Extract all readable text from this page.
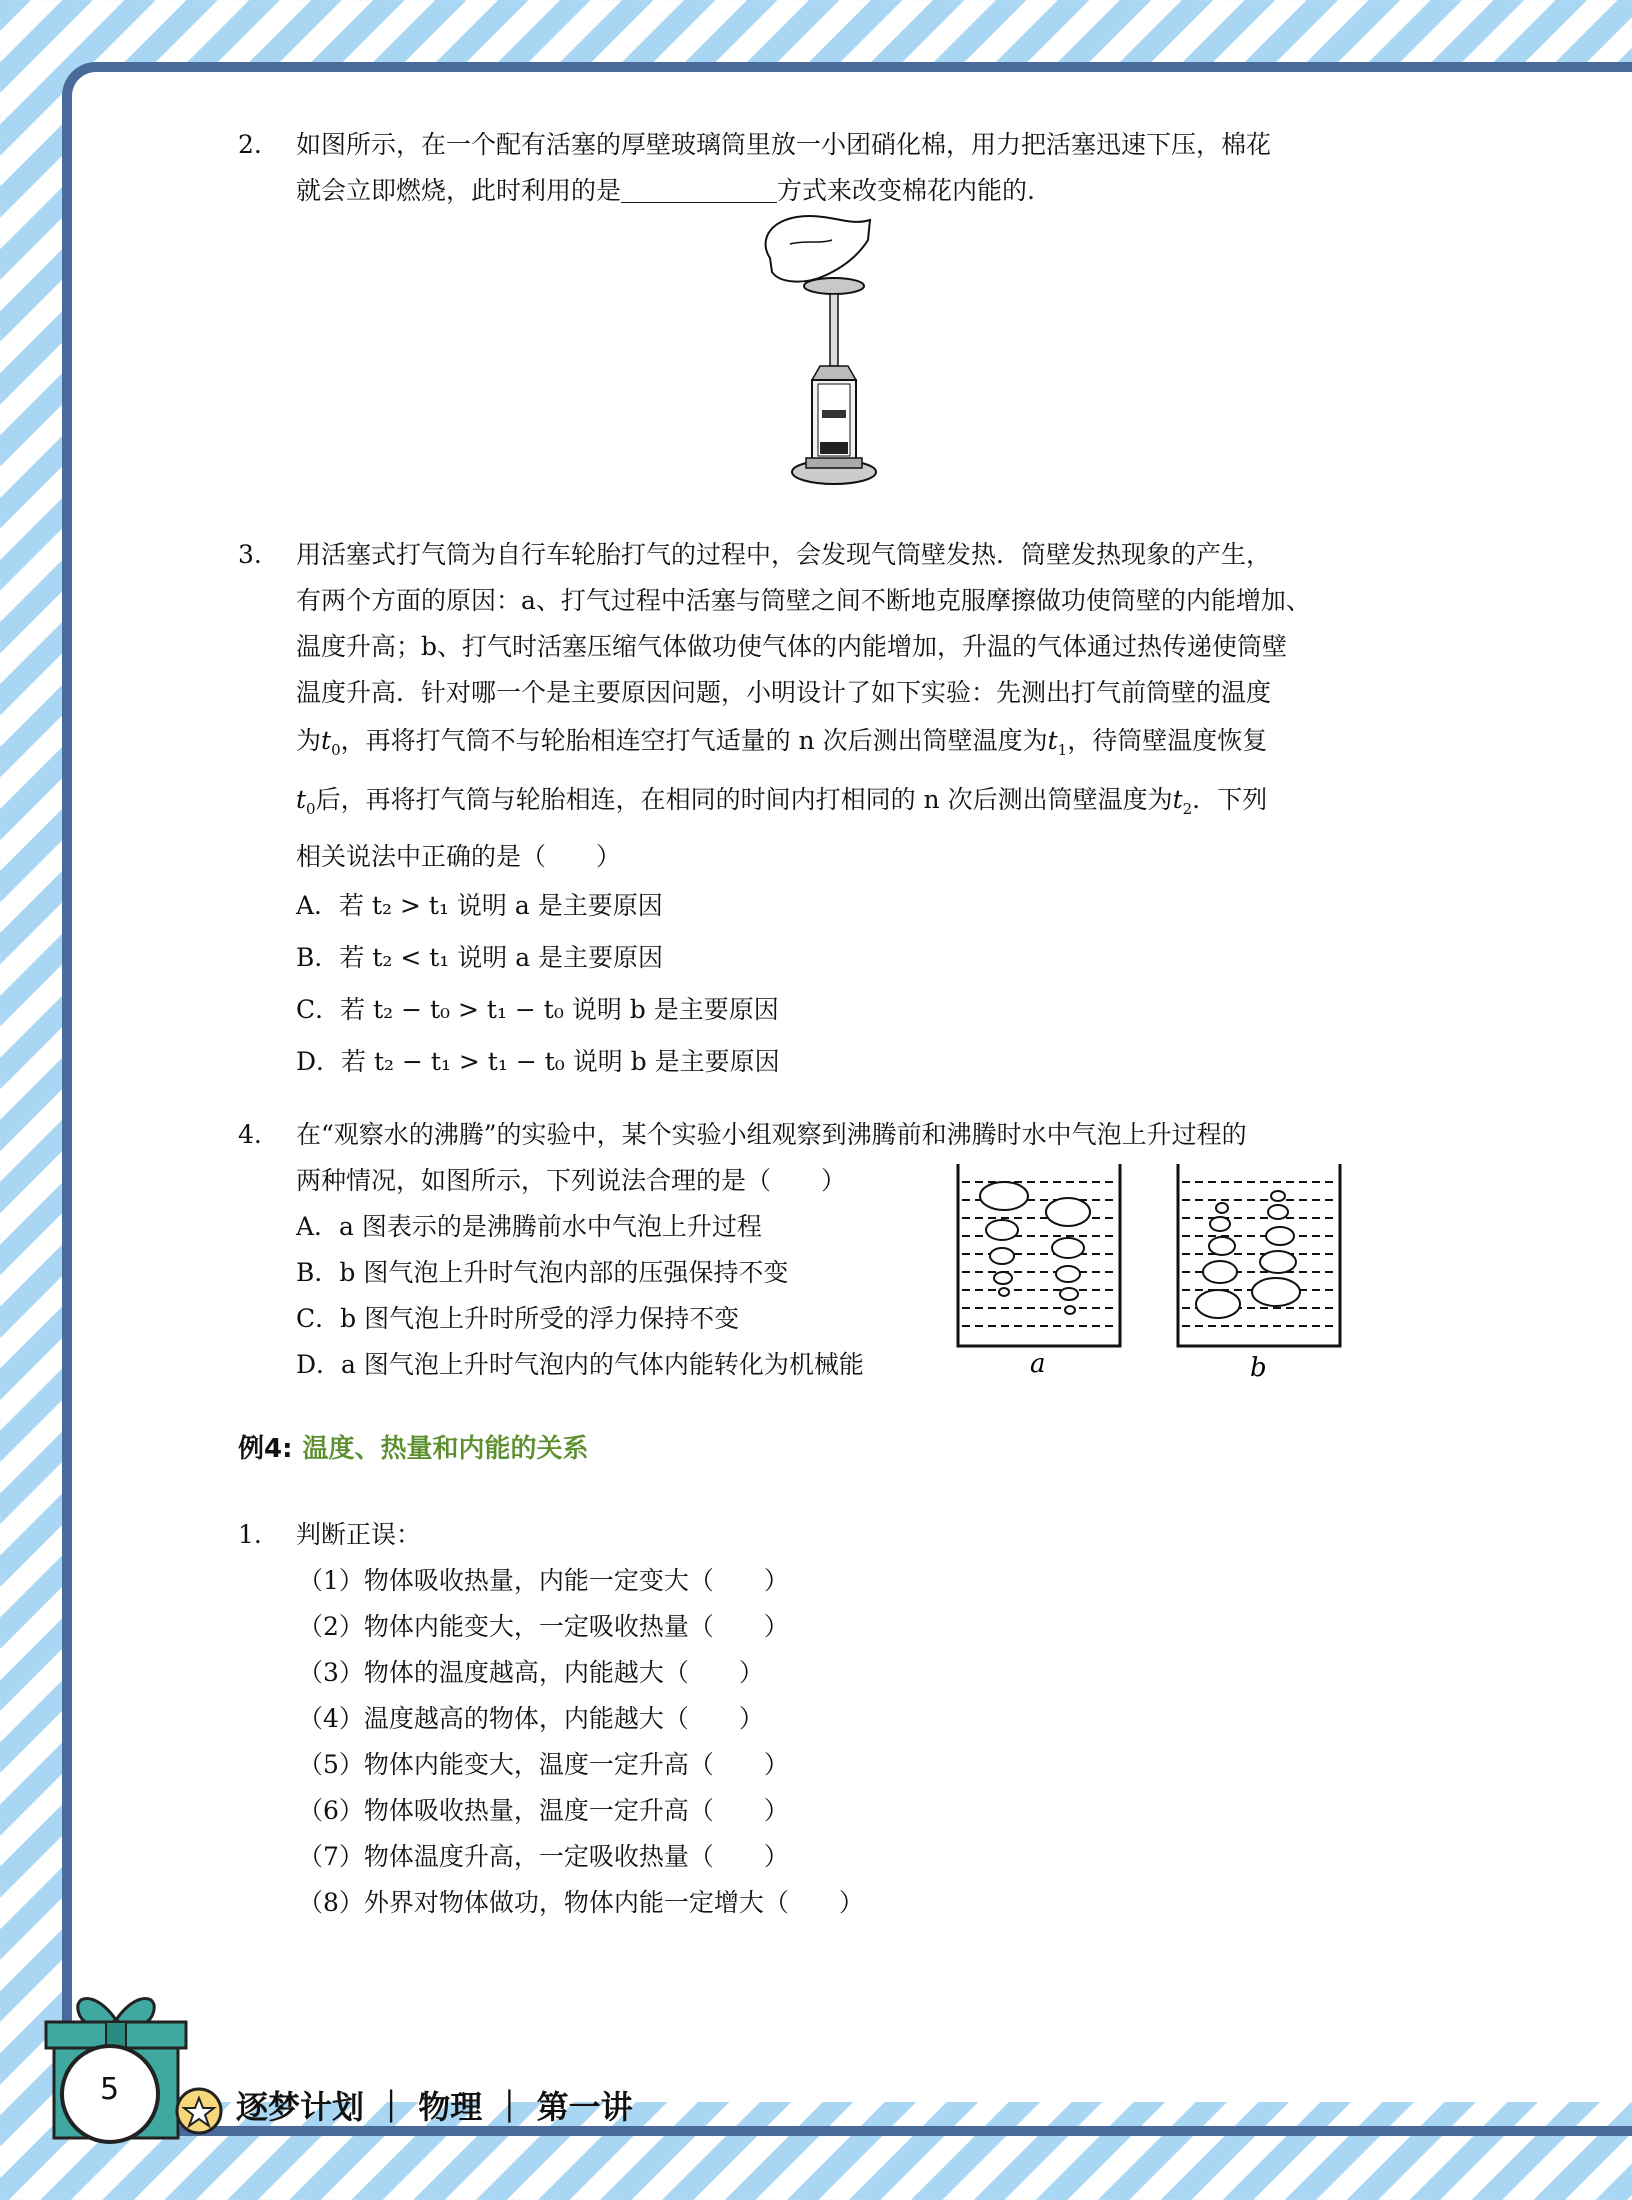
2.	如图所示，在一个配有活塞的厚壁玻璃筒里放一小团硝化棉，用力把活塞迅速下压，棉花
就会立即燃烧，此时利用的是	方式来改变棉花内能的.
3.	用活塞式打气筒为自行车轮胎打气的过程中，会发现气筒壁发热．筒壁发热现象的产生，
有两个方面的原因：a、打气过程中活塞与筒壁之间不断地克服摩擦做功使筒壁的内能增加、
温度升高；b、打气时活塞压缩气体做功使气体的内能增加，升温的气体通过热传递使筒壁
温度升高．针对哪一个是主要原因问题，小明设计了如下实验：先测出打气前筒壁的温度
为$t_0$，再将打气筒不与轮胎相连空打气适量的 n 次后测出筒壁温度为$t_1$，待筒壁温度恢复
$t_0$后，再将打气筒与轮胎相连，在相同的时间内打相同的 n 次后测出筒壁温度为$t_2$．下列
相关说法中正确的是（　　）
A．若 t₂ > t₁ 说明 a 是主要原因
B．若 t₂ < t₁ 说明 a 是主要原因
C．若 t₂ − t₀ > t₁ − t₀ 说明 b 是主要原因
D．若 t₂ − t₁ > t₁ − t₀ 说明 b 是主要原因
4.	在“观察水的沸腾”的实验中，某个实验小组观察到沸腾前和沸腾时水中气泡上升过程的
两种情况，如图所示，下列说法合理的是（　　）
A．a 图表示的是沸腾前水中气泡上升过程
B．b 图气泡上升时气泡内部的压强保持不变
C．b 图气泡上升时所受的浮力保持不变
D．a 图气泡上升时气泡内的气体内能转化为机械能	a	b
例4: 温度、热量和内能的关系
1.	判断正误：
（1）物体吸收热量，内能一定变大（　　）
（2）物体内能变大，一定吸收热量（　　）
（3）物体的温度越高，内能越大（　　）
（4）温度越高的物体，内能越大（　　）
（5）物体内能变大，温度一定升高（　　）
（6）物体吸收热量，温度一定升高（　　）
（7）物体温度升高，一定吸收热量（　　）
（8）外界对物体做功，物体内能一定增大（　　）
5	逐梦计划 ｜ 物理 ｜ 第一讲
